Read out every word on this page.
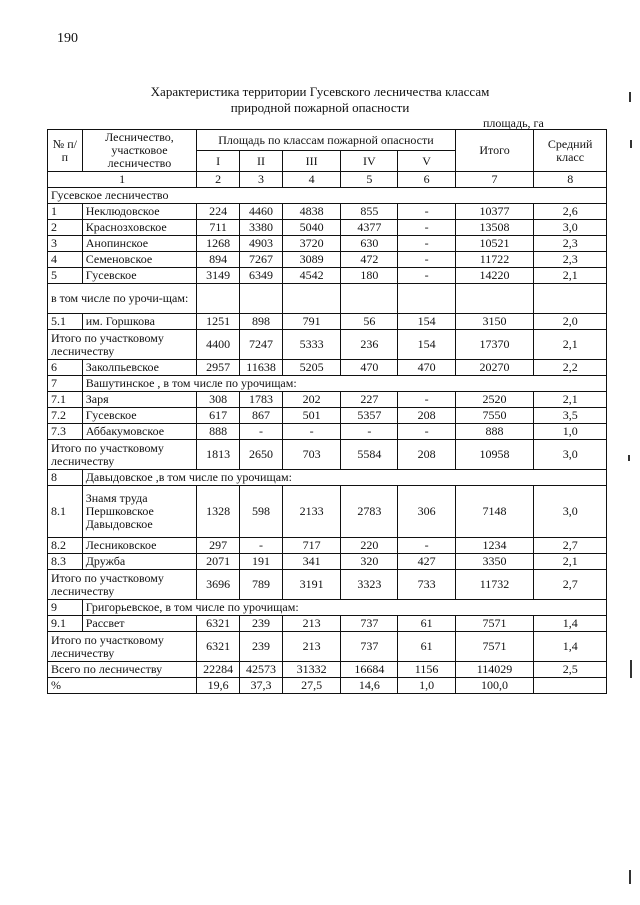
190
Характеристика территории Гусевского лесничества классам
природной пожарной опасности
площадь, га
№ п/п	Лесничество, участковое лесничество	Площадь по классам пожарной опасности					Итого	Средний класс
		I	II	III	IV	V		
1		2	3	4	5	6	7	8
Гусевское лесничество								
1	Неклюдовское	224	4460	4838	855	-	10377	2,6
2	Краснозховское	711	3380	5040	4377	-	13508	3,0
3	Анопинское	1268	4903	3720	630	-	10521	2,3
4	Семеновское	894	7267	3089	472	-	11722	2,3
5	Гусевское	3149	6349	4542	180	-	14220	2,1
в том числе по урочи-щам:								
5.1	им. Горшкова	1251	898	791	56	154	3150	2,0
Итого по участковому лесничеству		4400	7247	5333	236	154	17370	2,1
6	Заколпьевское	2957	11638	5205	470	470	20270	2,2
7	Вашутинское , в том числе по урочищам:							
7.1	Заря	308	1783	202	227	-	2520	2,1
7.2	Гусевское	617	867	501	5357	208	7550	3,5
7.3	Аббакумовское	888	-	-	-	-	888	1,0
Итого по участковому лесничеству		1813	2650	703	5584	208	10958	3,0
8	Давыдовское ,в том числе по урочищам:							
8.1	Знамя труда Першковское Давыдовское	1328	598	2133	2783	306	7148	3,0
8.2	Лесниковское	297	-	717	220	-	1234	2,7
8.3	Дружба	2071	191	341	320	427	3350	2,1
Итого по участковому лесничеству		3696	789	3191	3323	733	11732	2,7
9	Григорьевское, в том числе по урочищам:							
9.1	Рассвет	6321	239	213	737	61	7571	1,4
Итого по участковому лесничеству		6321	239	213	737	61	7571	1,4
Всего по лесничеству		22284	42573	31332	16684	1156	114029	2,5
%		19,6	37,3	27,5	14,6	1,0	100,0	
